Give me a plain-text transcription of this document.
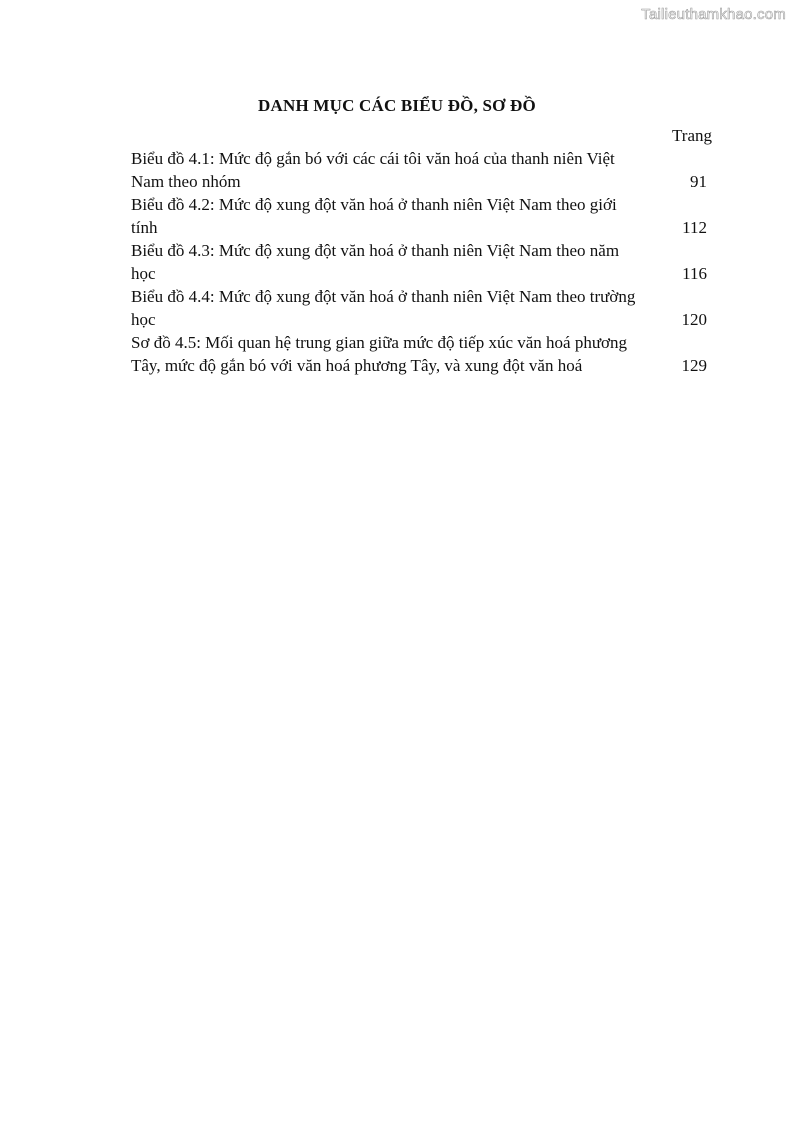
Tailieuthamkhao.com
DANH MỤC CÁC BIỂU ĐỒ, SƠ ĐỒ
Trang
Biểu đồ 4.1: Mức độ gắn bó với các cái tôi văn hoá của thanh niên Việt
Nam theo nhóm	91
Biểu đồ 4.2: Mức độ xung đột văn hoá ở thanh niên Việt Nam theo giới
tính	112
Biểu đồ 4.3: Mức độ xung đột văn hoá ở thanh niên Việt Nam theo năm
học	116
Biểu đồ 4.4: Mức độ xung đột văn hoá ở thanh niên Việt Nam theo trường
học	120
Sơ đồ 4.5: Mối quan hệ trung gian giữa mức độ tiếp xúc văn hoá phương
Tây, mức độ gắn bó với văn hoá phương Tây, và xung đột văn hoá	129
